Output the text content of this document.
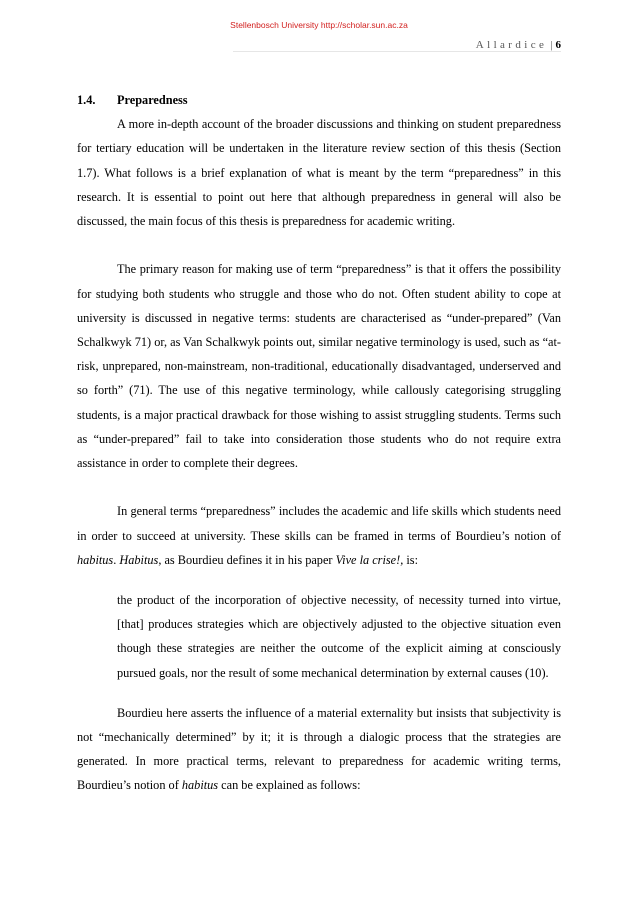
Stellenbosch University http://scholar.sun.ac.za
Allardice | 6
1.4. Preparedness

A more in-depth account of the broader discussions and thinking on student preparedness for tertiary education will be undertaken in the literature review section of this thesis (Section 1.7). What follows is a brief explanation of what is meant by the term “preparedness” in this research. It is essential to point out here that although preparedness in general will also be discussed, the main focus of this thesis is preparedness for academic writing.

The primary reason for making use of term “preparedness” is that it offers the possibility for studying both students who struggle and those who do not. Often student ability to cope at university is discussed in negative terms: students are characterised as “under-prepared” (Van Schalkwyk 71) or, as Van Schalkwyk points out, similar negative terminology is used, such as “at-risk, unprepared, non-mainstream, non-traditional, educationally disadvantaged, underserved and so forth” (71). The use of this negative terminology, while callously categorising struggling students, is a major practical drawback for those wishing to assist struggling students. Terms such as “under-prepared” fail to take into consideration those students who do not require extra assistance in order to complete their degrees.

In general terms “preparedness” includes the academic and life skills which students need in order to succeed at university. These skills can be framed in terms of Bourdieu’s notion of habitus. Habitus, as Bourdieu defines it in his paper Vive la crise!, is:

the product of the incorporation of objective necessity, of necessity turned into virtue, [that] produces strategies which are objectively adjusted to the objective situation even though these strategies are neither the outcome of the explicit aiming at consciously pursued goals, nor the result of some mechanical determination by external causes (10).

Bourdieu here asserts the influence of a material externality but insists that subjectivity is not “mechanically determined” by it; it is through a dialogic process that the strategies are generated. In more practical terms, relevant to preparedness for academic writing terms, Bourdieu’s notion of habitus can be explained as follows:
